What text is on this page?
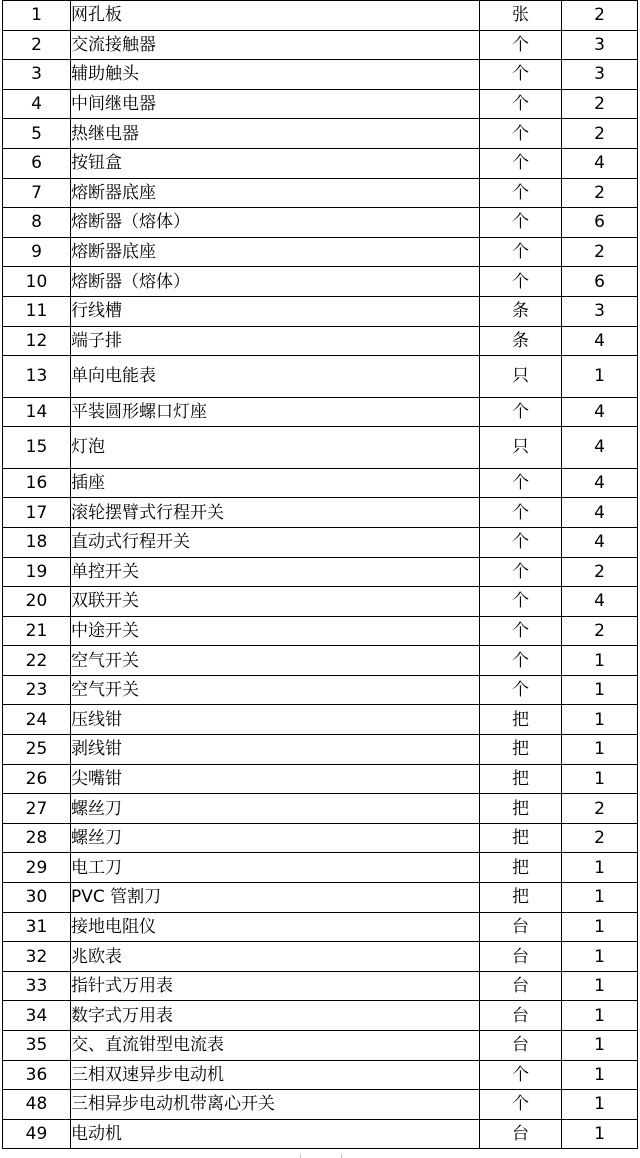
1	网孔板	张	2
2	交流接触器	个	3
3	辅助触头	个	3
4	中间继电器	个	2
5	热继电器	个	2
6	按钮盒	个	4
7	熔断器底座	个	2
8	熔断器（熔体）	个	6
9	熔断器底座	个	2
10	熔断器（熔体）	个	6
11	行线槽	条	3
12	端子排	条	4
13	单向电能表	只	1
14	平装圆形螺口灯座	个	4
15	灯泡	只	4
16	插座	个	4
17	滚轮摆臂式行程开关	个	4
18	直动式行程开关	个	4
19	单控开关	个	2
20	双联开关	个	4
21	中途开关	个	2
22	空气开关	个	1
23	空气开关	个	1
24	压线钳	把	1
25	剥线钳	把	1
26	尖嘴钳	把	1
27	螺丝刀	把	2
28	螺丝刀	把	2
29	电工刀	把	1
30	PVC 管割刀	把	1
31	接地电阻仪	台	1
32	兆欧表	台	1
33	指针式万用表	台	1
34	数字式万用表	台	1
35	交、直流钳型电流表	台	1
36	三相双速异步电动机	个	1
48	三相异步电动机带离心开关	个	1
49	电动机	台	1
